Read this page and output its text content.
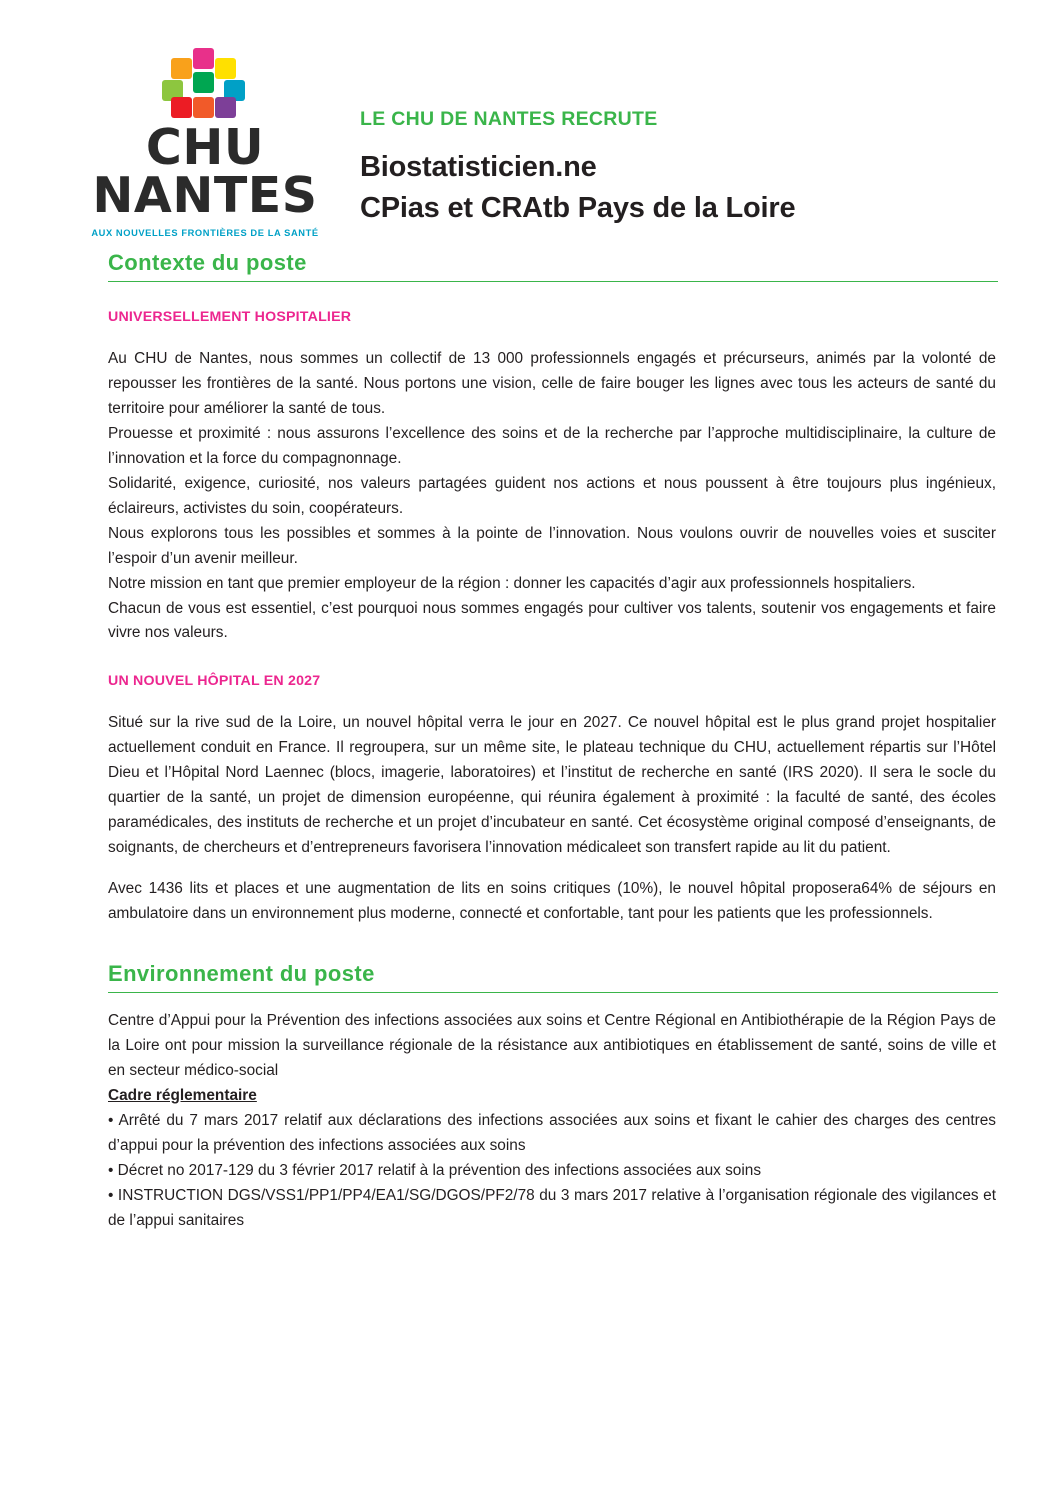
CHU
NANTES
AUX NOUVELLES FRONTIÈRES DE LA SANTÉ
LE CHU DE NANTES RECRUTE
Biostatisticien.ne
CPias et CRAtb Pays de la Loire
Contexte du poste
UNIVERSELLEMENT HOSPITALIER

Au CHU de Nantes, nous sommes un collectif de 13 000 professionnels engagés et précurseurs, animés par la volonté de repousser les frontières de la santé. Nous portons une vision, celle de faire bouger les lignes avec tous les acteurs de santé du territoire pour améliorer la santé de tous.

Prouesse et proximité : nous assurons l’excellence des soins et de la recherche par l’approche multidisciplinaire, la culture de l’innovation et la force du compagnonnage.

Solidarité, exigence, curiosité, nos valeurs partagées guident nos actions et nous poussent à être toujours plus ingénieux, éclaireurs, activistes du soin, coopérateurs.

Nous explorons tous les possibles et sommes à la pointe de l’innovation. Nous voulons ouvrir de nouvelles voies et susciter l’espoir d’un avenir meilleur.

Notre mission en tant que premier employeur de la région : donner les capacités d’agir aux professionnels hospitaliers.

Chacun de vous est essentiel, c’est pourquoi nous sommes engagés pour cultiver vos talents, soutenir vos engagements et faire vivre nos valeurs.

UN NOUVEL HÔPITAL EN 2027

Situé sur la rive sud de la Loire, un nouvel hôpital verra le jour en 2027. Ce nouvel hôpital est le plus grand projet hospitalier actuellement conduit en France. Il regroupera, sur un même site, le plateau technique du CHU, actuellement répartis sur l’Hôtel Dieu et l’Hôpital Nord Laennec (blocs, imagerie, laboratoires) et l’institut de recherche en santé (IRS 2020). Il sera le socle du quartier de la santé, un projet de dimension européenne, qui réunira également à proximité : la faculté de santé, des écoles paramédicales, des instituts de recherche et un projet d’incubateur en santé. Cet écosystème original composé d’enseignants, de soignants, de chercheurs et d’entrepreneurs favorisera l’innovation médicaleet son transfert rapide au lit du patient.

Avec 1436 lits et places et une augmentation de lits en soins critiques (10%), le nouvel hôpital proposera64% de séjours en ambulatoire dans un environnement plus moderne, connecté et confortable, tant pour les patients que les professionnels.

Environnement du poste

Centre d’Appui pour la Prévention des infections associées aux soins et Centre Régional en Antibiothérapie de la Région Pays de la Loire ont pour mission la surveillance régionale de la résistance aux antibiotiques en établissement de santé, soins de ville et en secteur médico-social

Cadre réglementaire

• Arrêté du 7 mars 2017 relatif aux déclarations des infections associées aux soins et fixant le cahier des charges des centres d’appui pour la prévention des infections associées aux soins

• Décret no 2017-129 du 3 février 2017 relatif à la prévention des infections associées aux soins

• INSTRUCTION DGS/VSS1/PP1/PP4/EA1/SG/DGOS/PF2/78 du 3 mars 2017 relative à l’organisation régionale des vigilances et de l’appui sanitaires
